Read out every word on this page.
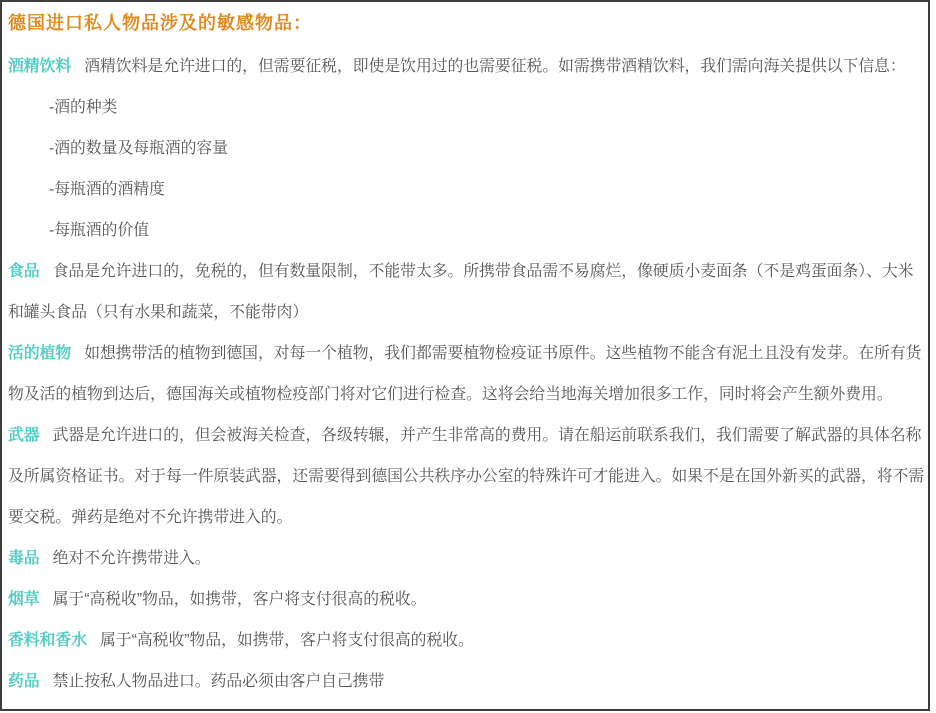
德国进口私人物品涉及的敏感物品：

酒精饮料 酒精饮料是允许进口的，但需要征税，即使是饮用过的也需要征税。如需携带酒精饮料，我们需向海关提供以下信息：

-酒的种类

-酒的数量及每瓶酒的容量

-每瓶酒的酒精度

-每瓶酒的价值

食品 食品是允许进口的，免税的，但有数量限制，不能带太多。所携带食品需不易腐烂，像硬质小麦面条（不是鸡蛋面条）、大米和罐头食品（只有水果和蔬菜，不能带肉）

活的植物 如想携带活的植物到德国，对每一个植物，我们都需要植物检疫证书原件。这些植物不能含有泥土且没有发芽。在所有货物及活的植物到达后，德国海关或植物检疫部门将对它们进行检查。这将会给当地海关增加很多工作，同时将会产生额外费用。

武器 武器是允许进口的，但会被海关检查，各级转辗，并产生非常高的费用。请在船运前联系我们，我们需要了解武器的具体名称及所属资格证书。对于每一件原装武器，还需要得到德国公共秩序办公室的特殊许可才能进入。如果不是在国外新买的武器，将不需要交税。弹药是绝对不允许携带进入的。

毒品 绝对不允许携带进入。

烟草 属于“高税收”物品，如携带，客户将支付很高的税收。

香料和香水 属于“高税收”物品，如携带，客户将支付很高的税收。

药品 禁止按私人物品进口。药品必须由客户自己携带
